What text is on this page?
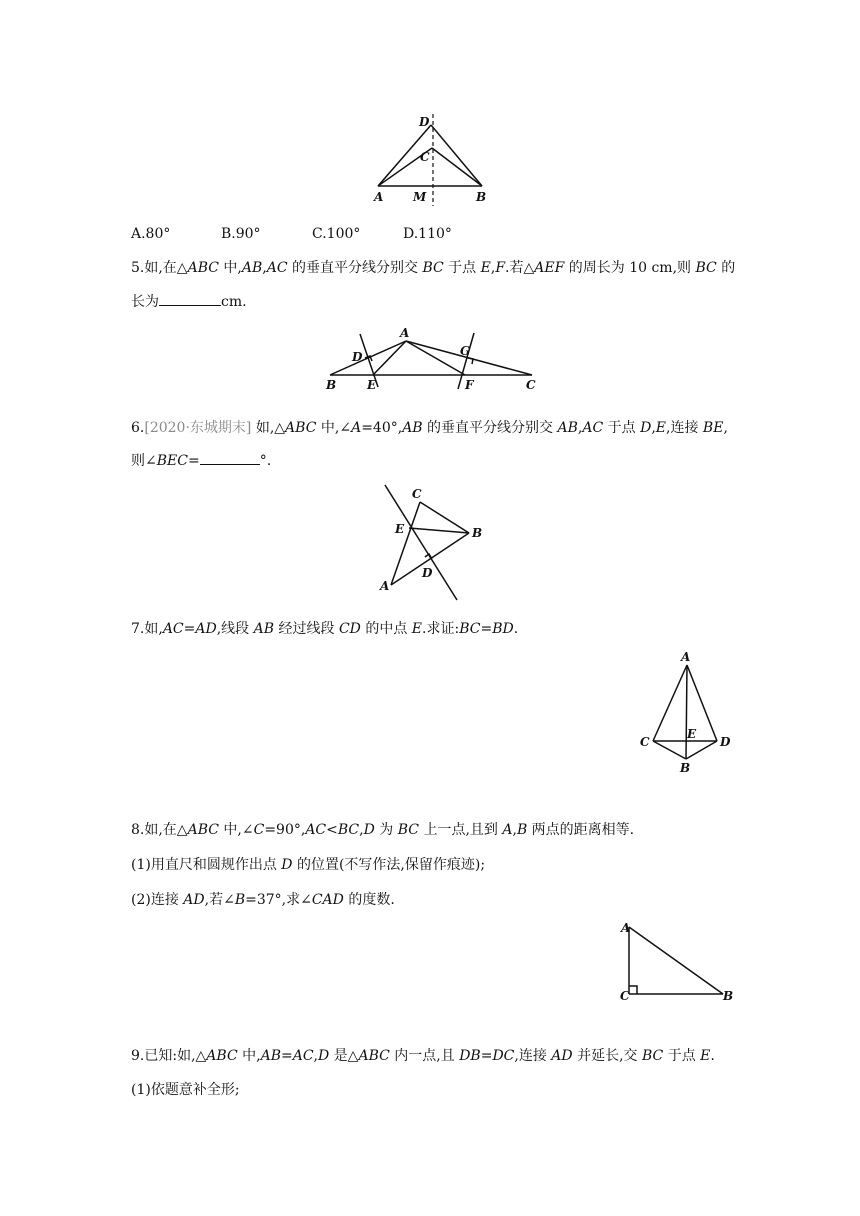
D
C
A M	B
A.80°	B.90°	C.100°	D.110°
5.如,在△ABC 中,AB,AC 的垂直平分线分别交 BC 于点 E,F.若△AEF 的周长为 10 cm,则 BC 的
长为	cm.
A
D	G
B	E	F	C
6.[2020·东城期末] 如,△ABC 中,∠A=40°,AB 的垂直平分线分别交 AB,AC 于点 D,E,连接 BE,
则∠BEC=	°.
C
E	B
D
A
7.如,AC=AD,线段 AB 经过线段 CD 的中点 E.求证:BC=BD.
A
C
E
D
B
8.如,在△ABC 中,∠C=90°,AC<BC,D 为 BC 上一点,且到 A,B 两点的距离相等.
(1)用直尺和圆规作出点 D 的位置(不写作法,保留作痕迹);
(2)连接 AD,若∠B=37°,求∠CAD 的度数.
A
C	B
9.已知:如,△ABC 中,AB=AC,D 是△ABC 内一点,且 DB=DC,连接 AD 并延长,交 BC 于点 E.
(1)依题意补全形;
